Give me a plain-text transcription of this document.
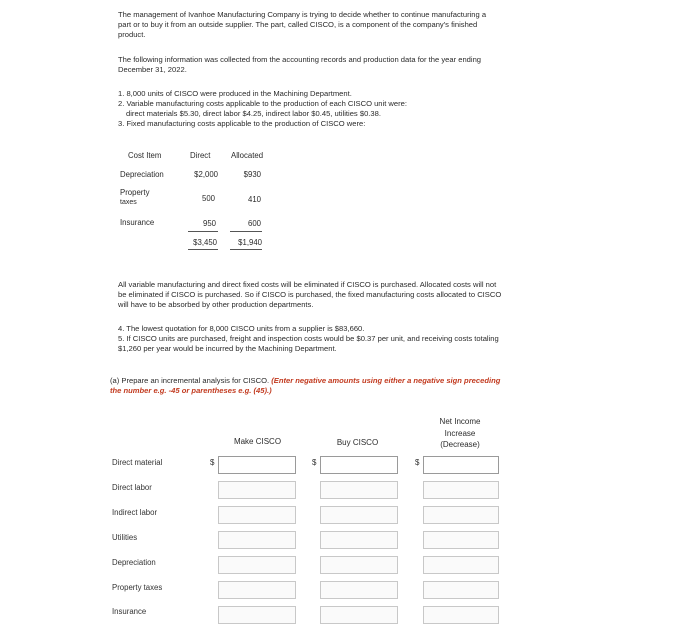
The management of Ivanhoe Manufacturing Company is trying to decide whether to continue manufacturing a

part or to buy it from an outside supplier. The part, called CISCO, is a component of the company's finished

product.

The following information was collected from the accounting records and production data for the year ending

December 31, 2022.

1. 8,000 units of CISCO were produced in the Machining Department.
2. Variable manufacturing costs applicable to the production of each CISCO unit were:
direct materials $5.30, direct labor $4.25, indirect labor $0.45, utilities $0.38.
3. Fixed manufacturing costs applicable to the production of CISCO were:
Cost Item	Direct	Allocated
Depreciation	$2,000	$930
Property
taxes	500	410
Insurance	950	600
$3,450	$1,940

All variable manufacturing and direct fixed costs will be eliminated if CISCO is purchased. Allocated costs will not

be eliminated if CISCO is purchased. So if CISCO is purchased, the fixed manufacturing costs allocated to CISCO

will have to be absorbed by other production departments.

4. The lowest quotation for 8,000 CISCO units from a supplier is $83,660.

5. If CISCO units are purchased, freight and inspection costs would be $0.37 per unit, and receiving costs totaling

$1,260 per year would be incurred by the Machining Department.

(a) Prepare an incremental analysis for CISCO. (Enter negative amounts using either a negative sign preceding

the number e.g. -45 or parentheses e.g. (45).)

Make CISCO	Buy CISCO
Net Income
Increase
(Decrease)
Direct material	$	$	$
Direct labor
Indirect labor
Utilities
Depreciation
Property taxes
Insurance
